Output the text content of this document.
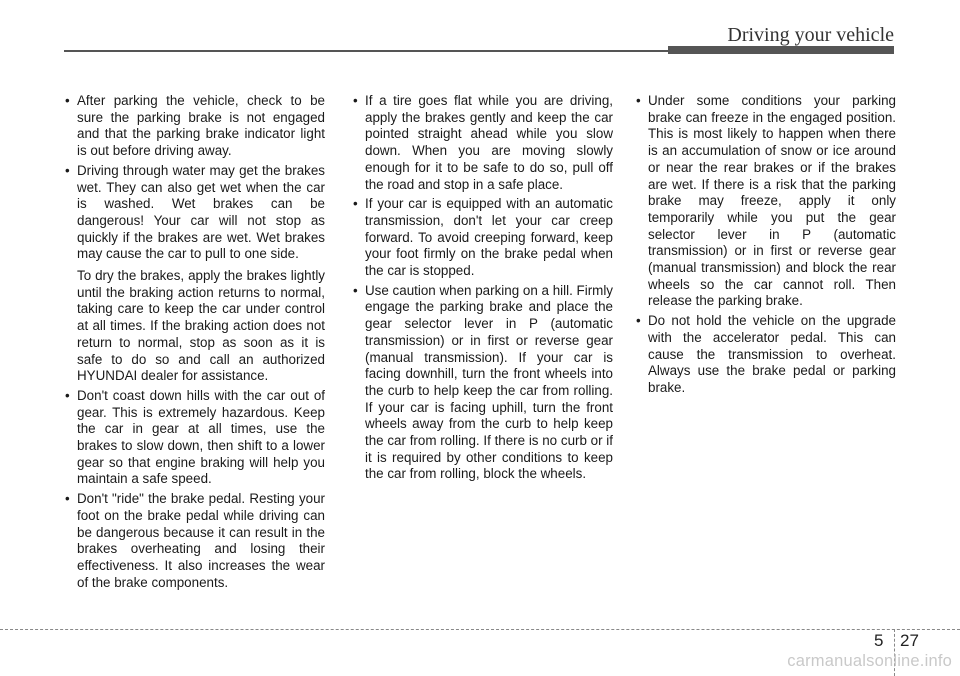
Driving your vehicle
• After parking the vehicle, check to be sure the parking brake is not engaged and that the parking brake indicator light is out before driving away.
• Driving through water may get the brakes wet. They can also get wet when the car is washed. Wet brakes can be dangerous! Your car will not stop as quickly if the brakes are wet. Wet brakes may cause the car to pull to one side.

To dry the brakes, apply the brakes lightly until the braking action returns to normal, taking care to keep the car under control at all times. If the braking action does not return to normal, stop as soon as it is safe to do so and call an authorized HYUNDAI dealer for assistance.

• Don't coast down hills with the car out of gear. This is extremely hazardous. Keep the car in gear at all times, use the brakes to slow down, then shift to a lower gear so that engine braking will help you maintain a safe speed.
• Don't "ride" the brake pedal. Resting your foot on the brake pedal while driving can be dangerous because it can result in the brakes overheating and losing their effectiveness. It also increases the wear of the brake components.
• If a tire goes flat while you are driving, apply the brakes gently and keep the car pointed straight ahead while you slow down. When you are moving slowly enough for it to be safe to do so, pull off the road and stop in a safe place.
• If your car is equipped with an automatic transmission, don't let your car creep forward. To avoid creeping forward, keep your foot firmly on the brake pedal when the car is stopped.
• Use caution when parking on a hill. Firmly engage the parking brake and place the gear selector lever in P (automatic transmission) or in first or reverse gear (manual transmission). If your car is facing downhill, turn the front wheels into the curb to help keep the car from rolling. If your car is facing uphill, turn the front wheels away from the curb to help keep the car from rolling. If there is no curb or if it is required by other conditions to keep the car from rolling, block the wheels.
• Under some conditions your parking brake can freeze in the engaged position. This is most likely to happen when there is an accumulation of snow or ice around or near the rear brakes or if the brakes are wet. If there is a risk that the parking brake may freeze, apply it only temporarily while you put the gear selector lever in P (automatic transmission) or in first or reverse gear (manual transmission) and block the rear wheels so the car cannot roll. Then release the parking brake.
• Do not hold the vehicle on the upgrade with the accelerator pedal. This can cause the transmission to overheat. Always use the brake pedal or parking brake.
5 27
carmanualsonline.info
